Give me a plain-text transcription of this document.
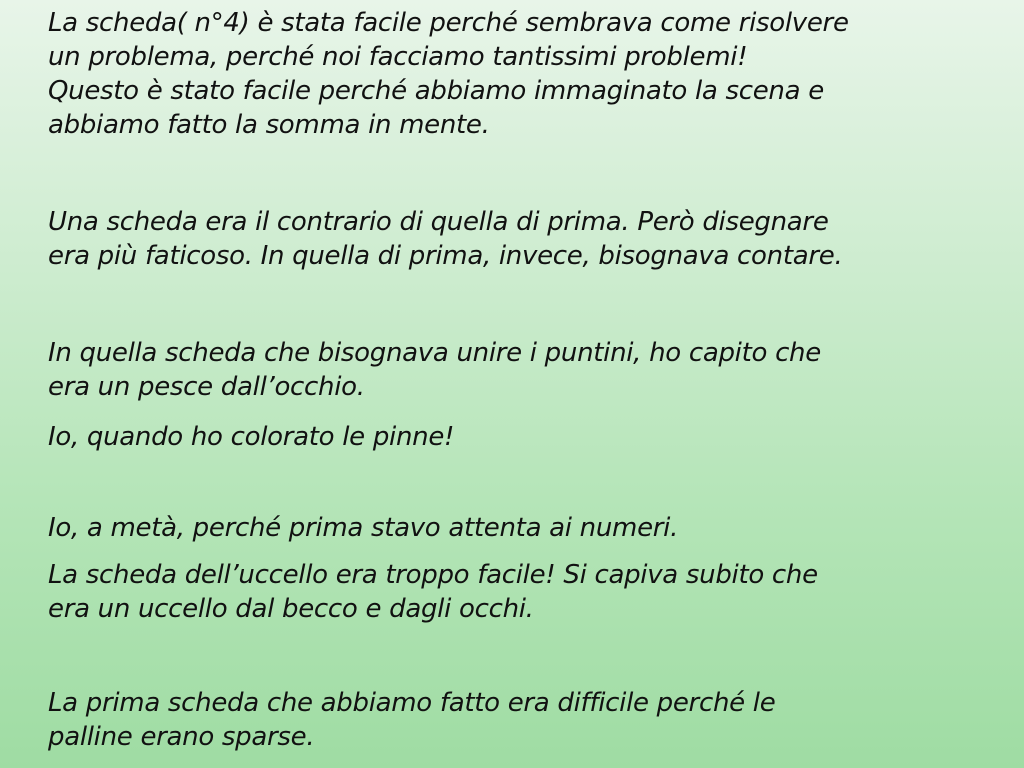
La scheda( n°4) è stata facile perché sembrava come risolvere
un problema, perché noi facciamo tantissimi problemi!
Questo è stato facile perché abbiamo immaginato la scena e
abbiamo fatto la somma in mente.

Una scheda era il contrario di quella di prima. Però disegnare
era più faticoso. In quella di prima, invece, bisognava contare.

In quella scheda che bisognava unire i puntini, ho capito che
era un pesce dall’occhio.

Io, quando ho colorato le pinne!

Io, a metà, perché prima stavo attenta ai numeri.

La scheda dell’uccello era troppo facile! Si capiva subito che
era un uccello dal becco e dagli occhi.

La prima scheda che abbiamo fatto era difficile perché le
palline erano sparse.
